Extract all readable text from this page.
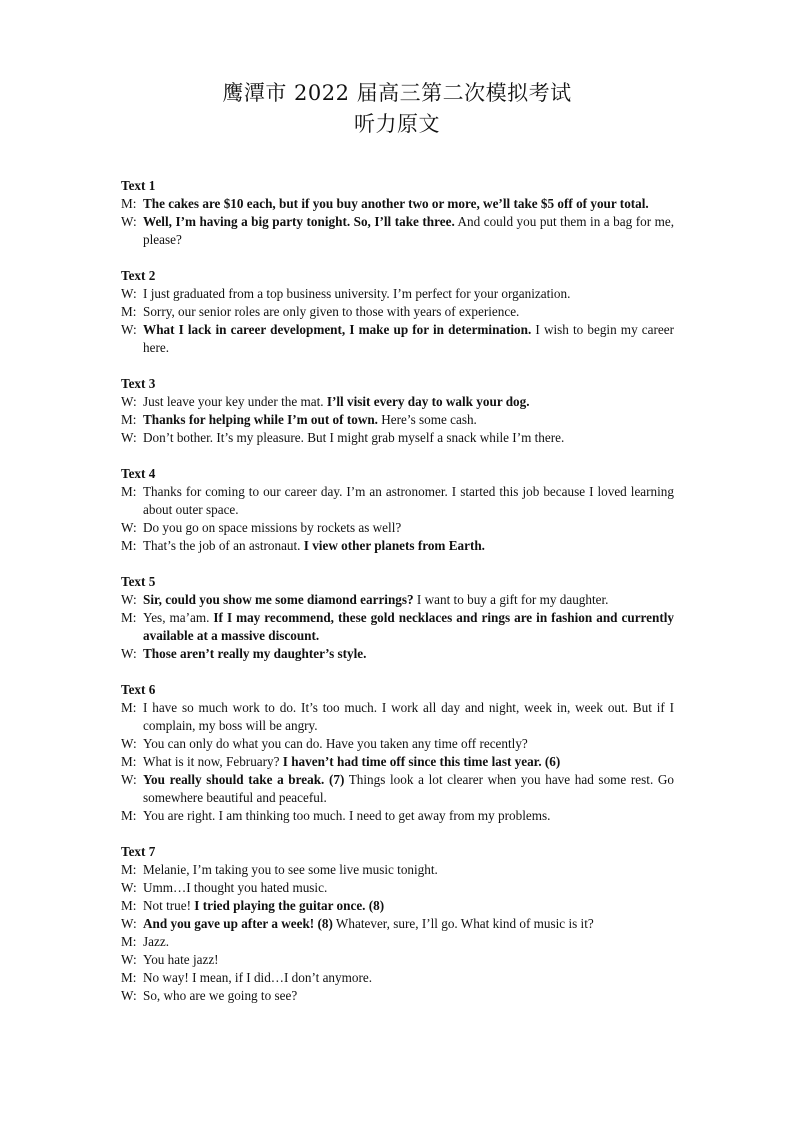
鹰潭市 2022 届高三第二次模拟考试
听力原文
Text 1
M: The cakes are $10 each, but if you buy another two or more, we’ll take $5 off of your total.
W: Well, I’m having a big party tonight. So, I’ll take three. And could you put them in a bag for me, please?
Text 2
W: I just graduated from a top business university. I’m perfect for your organization.
M: Sorry, our senior roles are only given to those with years of experience.
W: What I lack in career development, I make up for in determination. I wish to begin my career here.
Text 3
W: Just leave your key under the mat. I’ll visit every day to walk your dog.
M: Thanks for helping while I’m out of town. Here’s some cash.
W: Don’t bother. It’s my pleasure. But I might grab myself a snack while I’m there.
Text 4
M: Thanks for coming to our career day. I’m an astronomer. I started this job because I loved learning about outer space.
W: Do you go on space missions by rockets as well?
M: That’s the job of an astronaut. I view other planets from Earth.
Text 5
W: Sir, could you show me some diamond earrings? I want to buy a gift for my daughter.
M: Yes, ma’am. If I may recommend, these gold necklaces and rings are in fashion and currently available at a massive discount.
W: Those aren’t really my daughter’s style.
Text 6
M: I have so much work to do. It’s too much. I work all day and night, week in, week out. But if I complain, my boss will be angry.
W: You can only do what you can do. Have you taken any time off recently?
M: What is it now, February? I haven’t had time off since this time last year. (6)
W: You really should take a break. (7) Things look a lot clearer when you have had some rest. Go somewhere beautiful and peaceful.
M: You are right. I am thinking too much. I need to get away from my problems.
Text 7
M: Melanie, I’m taking you to see some live music tonight.
W: Umm…I thought you hated music.
M: Not true! I tried playing the guitar once. (8)
W: And you gave up after a week! (8) Whatever, sure, I’ll go. What kind of music is it?
M: Jazz.
W: You hate jazz!
M: No way! I mean, if I did…I don’t anymore.
W: So, who are we going to see?
